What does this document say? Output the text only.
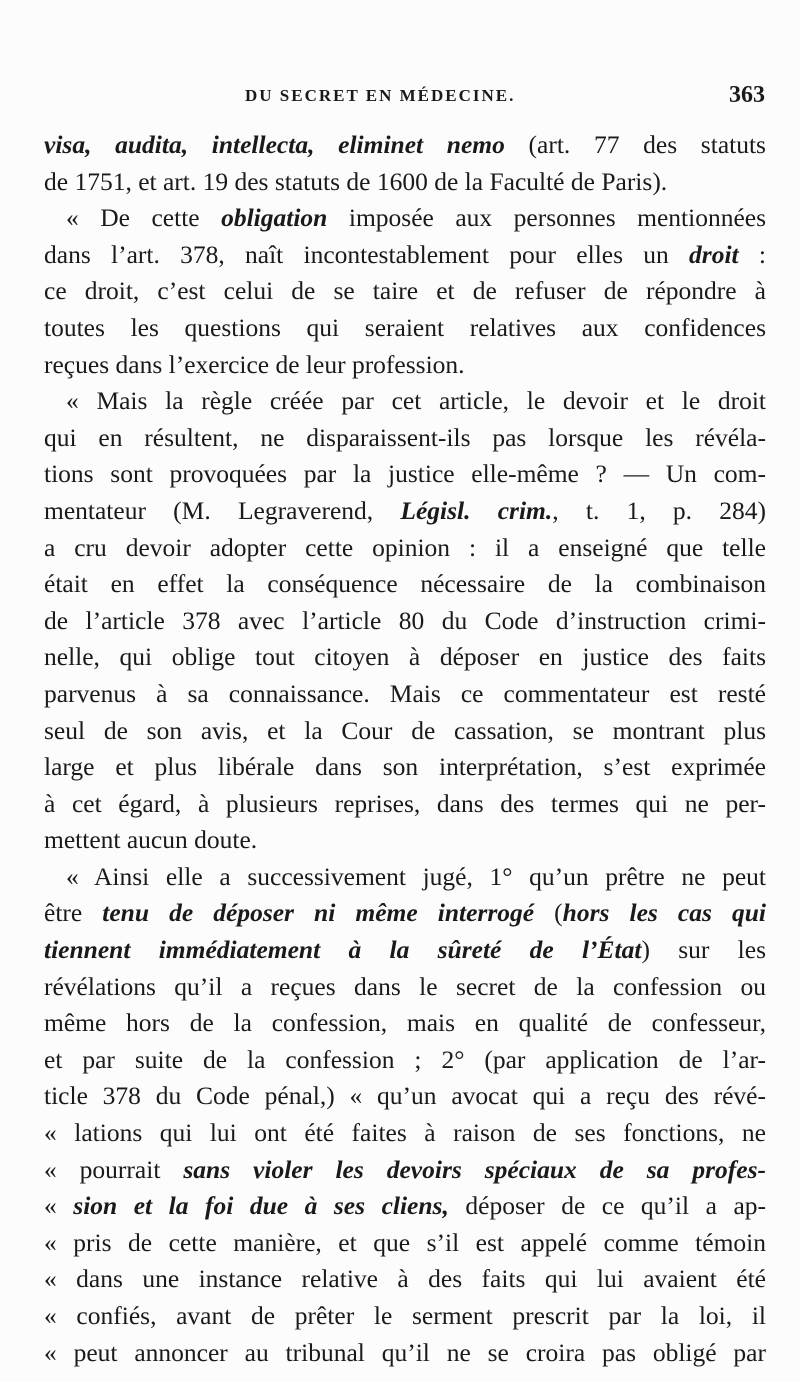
DU SECRET EN MÉDECINE.	363
visa, audita, intellecta, eliminet nemo (art. 77 des statuts
de 1751, et art. 19 des statuts de 1600 de la Faculté de Paris).
« De cette obligation imposée aux personnes mentionnées
dans l’art. 378, naît incontestablement pour elles un droit :
ce droit, c’est celui de se taire et de refuser de répondre à
toutes les questions qui seraient relatives aux confidences
reçues dans l’exercice de leur profession.
« Mais la règle créée par cet article, le devoir et le droit
qui en résultent, ne disparaissent-ils pas lorsque les révéla-
tions sont provoquées par la justice elle-même ? — Un com-
mentateur (M. Legraverend, Législ. crim., t. 1, p. 284)
a cru devoir adopter cette opinion : il a enseigné que telle
était en effet la conséquence nécessaire de la combinaison
de l’article 378 avec l’article 80 du Code d’instruction crimi-
nelle, qui oblige tout citoyen à déposer en justice des faits
parvenus à sa connaissance. Mais ce commentateur est resté
seul de son avis, et la Cour de cassation, se montrant plus
large et plus libérale dans son interprétation, s’est exprimée
à cet égard, à plusieurs reprises, dans des termes qui ne per-
mettent aucun doute.
« Ainsi elle a successivement jugé, 1° qu’un prêtre ne peut
être tenu de déposer ni même interrogé (hors les cas qui
tiennent immédiatement à la sûreté de l’État) sur les
révélations qu’il a reçues dans le secret de la confession ou
même hors de la confession, mais en qualité de confesseur,
et par suite de la confession ; 2° (par application de l’ar-
ticle 378 du Code pénal,) « qu’un avocat qui a reçu des révé-
« lations qui lui ont été faites à raison de ses fonctions, ne
« pourrait sans violer les devoirs spéciaux de sa profes-
« sion et la foi due à ses cliens, déposer de ce qu’il a ap-
« pris de cette manière, et que s’il est appelé comme témoin
« dans une instance relative à des faits qui lui avaient été
« confiés, avant de prêter le serment prescrit par la loi, il
« peut annoncer au tribunal qu’il ne se croira pas obligé par
